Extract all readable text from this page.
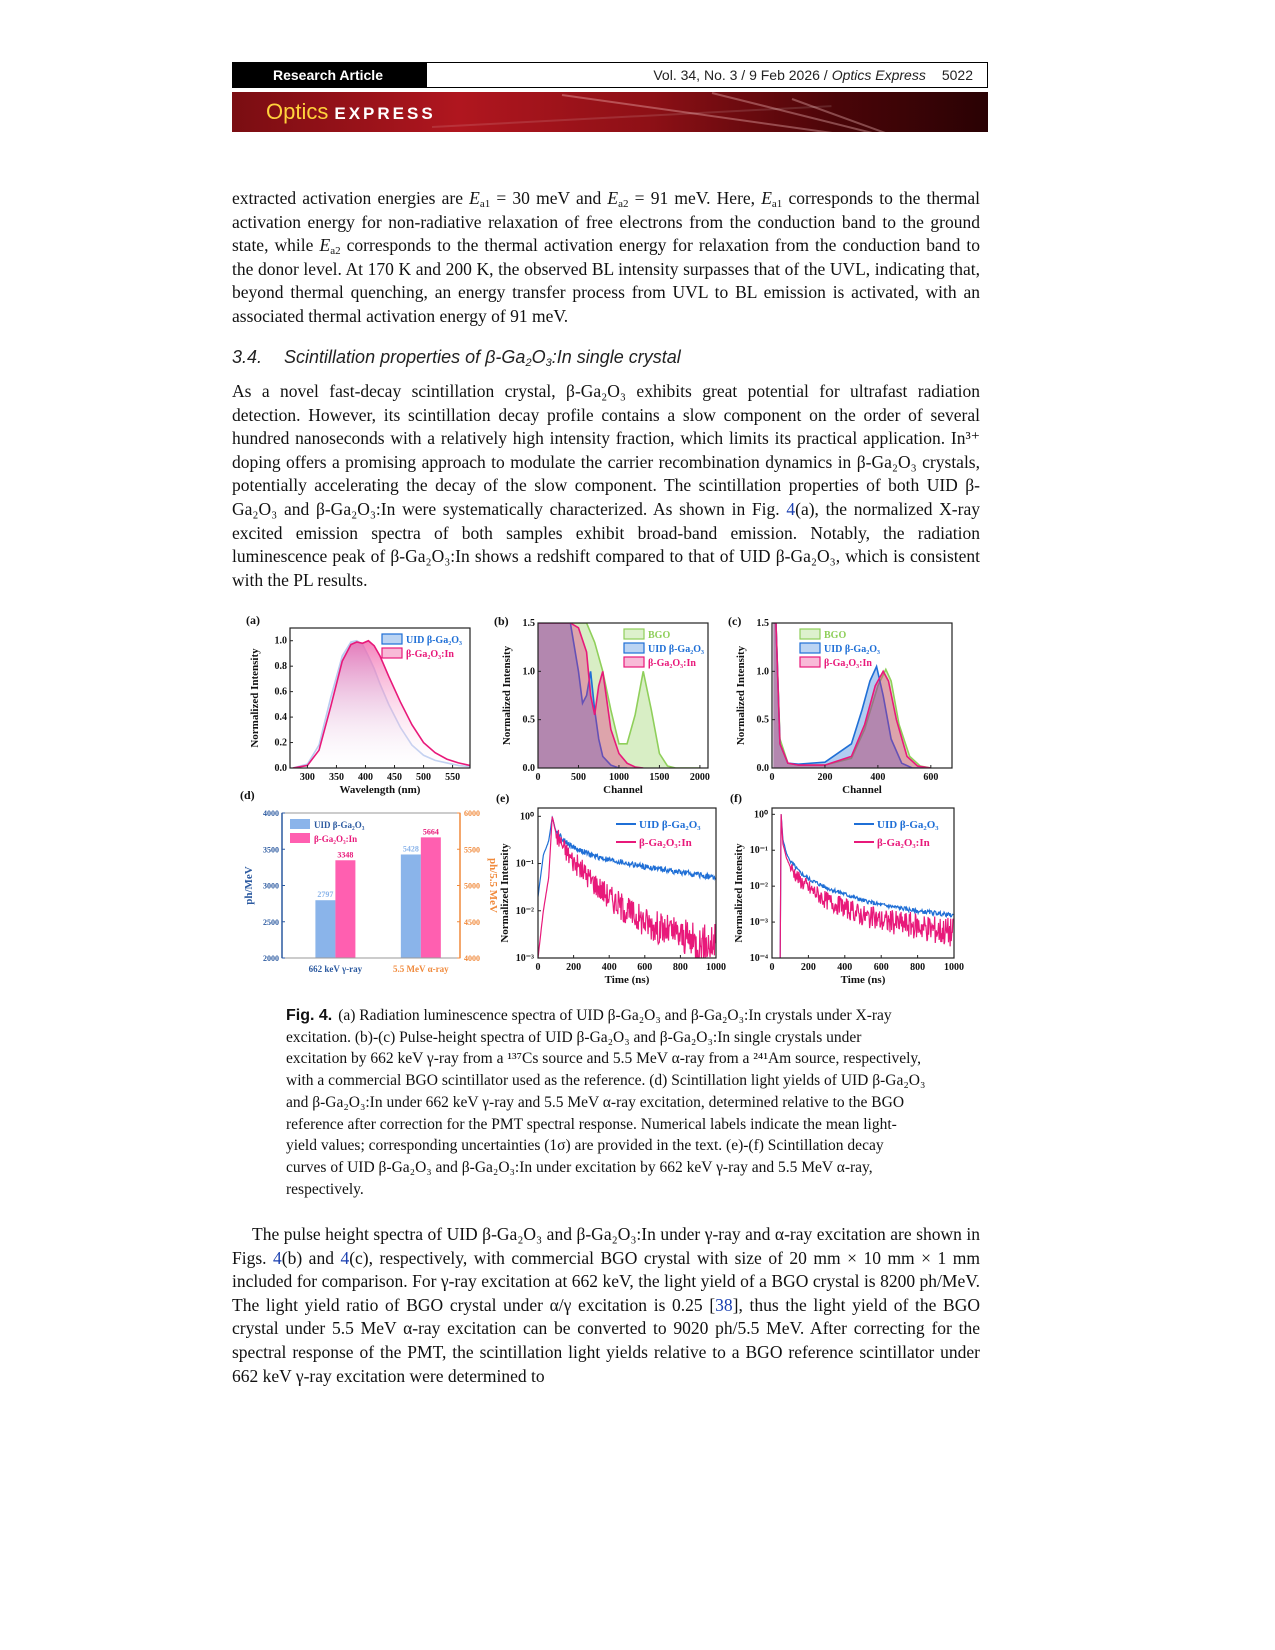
Research Article	Vol. 34, No. 3 / 9 Feb 2026 / Optics Express 5022
Optics EXPRESS
extracted activation energies are $E_{a1} = 30$ meV and $E_{a2} = 91$ meV. Here, $E_{a1}$ corresponds to the thermal activation energy for non-radiative relaxation of free electrons from the conduction band to the ground state, while $E_{a2}$ corresponds to the thermal activation energy for relaxation from the conduction band to the donor level. At 170 K and 200 K, the observed BL intensity surpasses that of the UVL, indicating that, beyond thermal quenching, an energy transfer process from UVL to BL emission is activated, with an associated thermal activation energy of 91 meV.
3.4. Scintillation properties of $\beta-Ga_2O_3:In$ single crystal
As a novel fast-decay scintillation crystal, β-Ga₂O₃ exhibits great potential for ultrafast radiation detection. However, its scintillation decay profile contains a slow component on the order of several hundred nanoseconds with a relatively high intensity fraction, which limits its practical application. In³⁺ doping offers a promising approach to modulate the carrier recombination dynamics in β-Ga₂O₃ crystals, potentially accelerating the decay of the slow component. The scintillation properties of both UID β-Ga₂O₃ and β-Ga₂O₃:In were systematically characterized. As shown in Fig. 4(a), the normalized X-ray excited emission spectra of both samples exhibit broad-band emission. Notably, the radiation luminescence peak of β-Ga₂O₃:In shows a redshift compared to that of UID β-Ga₂O₃, which is consistent with the PL results.
300 350 400 450 500 550
0.0
0.2
0.4
0.6
0.8
1.0
Wavelength (nm)
Normalized Intensity
(a)
UID β-Ga₂O₃
β-Ga₂O₃:In
0	500 1000 1500 2000
0.0
0.5
1.0
1.5
Channel
Normalized Intensity
(b)
BGO
UID β-Ga₂O₃
β-Ga₂O₃:In
0	200	400	600
0.0
0.5
1.0
1.5
Channel
Normalized Intensity
(c)
BGO
UID β-Ga₂O₃
β-Ga₂O₃:In
2797
5428
3348
5664
2000
2500
3000
3500
4000
4000
4500
5000
5500
6000
ph/MeV	ph/5.5 MeV
662 keV γ-ray	5.5 MeV α-ray
(d)
UID β-Ga₂O₃
β-Ga₂O₃:In
0	200 400 600 800 1000
10⁻³
10⁻²
10⁻¹
10⁰
Time (ns)
Normalized Intensity
(e)
UID β-Ga₂O₃
β-Ga₂O₃:In
0	200 400 600 800 1000
10⁻⁴
10⁻³
10⁻²
10⁻¹
10⁰
Time (ns)
Normalized Intensity
(f)
UID β-Ga₂O₃
β-Ga₂O₃:In
Fig. 4. (a) Radiation luminescence spectra of UID β-Ga₂O₃ and β-Ga₂O₃:In crystals under X-ray excitation. (b)-(c) Pulse-height spectra of UID β-Ga₂O₃ and β-Ga₂O₃:In single crystals under excitation by 662 keV γ-ray from a ¹³⁷Cs source and 5.5 MeV α-ray from a ²⁴¹Am source, respectively, with a commercial BGO scintillator used as the reference. (d) Scintillation light yields of UID β-Ga₂O₃ and β-Ga₂O₃:In under 662 keV γ-ray and 5.5 MeV α-ray excitation, determined relative to the BGO reference after correction for the PMT spectral response. Numerical labels indicate the mean light-yield values; corresponding uncertainties (1σ) are provided in the text. (e)-(f) Scintillation decay curves of UID β-Ga₂O₃ and β-Ga₂O₃:In under excitation by 662 keV γ-ray and 5.5 MeV α-ray, respectively.
The pulse height spectra of UID β-Ga₂O₃ and β-Ga₂O₃:In under γ-ray and α-ray excitation are shown in Figs. 4(b) and 4(c), respectively, with commercial BGO crystal with size of 20 mm × 10 mm × 1 mm included for comparison. For γ-ray excitation at 662 keV, the light yield of a BGO crystal is 8200 ph/MeV. The light yield ratio of BGO crystal under α/γ excitation is 0.25 [38], thus the light yield of the BGO crystal under 5.5 MeV α-ray excitation can be converted to 9020 ph/5.5 MeV. After correcting for the spectral response of the PMT, the scintillation light yields relative to a BGO reference scintillator under 662 keV γ-ray excitation were determined to
